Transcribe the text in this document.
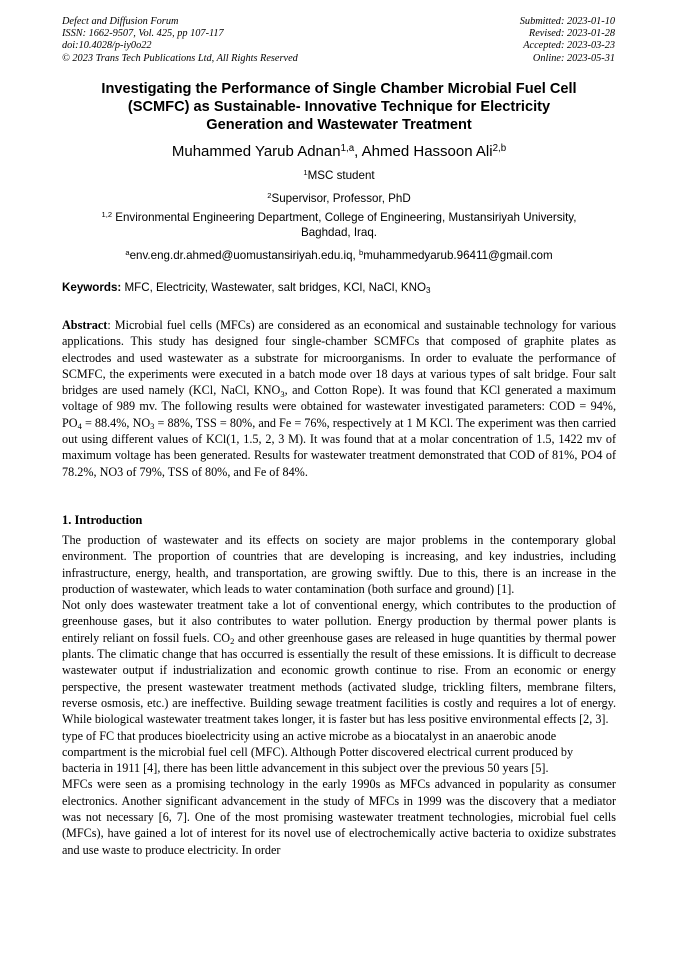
Defect and Diffusion Forum
ISSN: 1662-9507, Vol. 425, pp 107-117
doi:10.4028/p-iy0o22
© 2023 Trans Tech Publications Ltd, All Rights Reserved
Submitted: 2023-01-10
Revised: 2023-01-28
Accepted: 2023-03-23
Online: 2023-05-31
Investigating the Performance of Single Chamber Microbial Fuel Cell
(SCMFC) as Sustainable- Innovative Technique for Electricity
Generation and Wastewater Treatment
Muhammed Yarub Adnan$^{1,a}$, Ahmed Hassoon Ali$^{2,b}$
$^1$MSC student
$^2$Supervisor, Professor, PhD
$^{1,2}$ Environmental Engineering Department, College of Engineering, Mustansiriyah University,
Baghdad, Iraq.
$^a$env.eng.dr.ahmed@uomustansiriyah.edu.iq, $^b$muhammedyarub.96411@gmail.com
Keywords: MFC, Electricity, Wastewater, salt bridges, KCl, NaCl, $KNO_3$
Abstract: Microbial fuel cells (MFCs) are considered as an economical and sustainable technology for various applications. This study has designed four single-chamber SCMFCs that composed of graphite plates as electrodes and used wastewater as a substrate for microorganisms. In order to evaluate the performance of SCMFC, the experiments were executed in a batch mode over 18 days at various types of salt bridge. Four salt bridges are used namely (KCl, NaCl, $KNO_3$, and Cotton Rope). It was found that KCl generated a maximum voltage of 989 mv. The following results were obtained for wastewater investigated parameters: COD = 94%, $PO_4 = 88.4\%$, $NO_3 = 88\%$, TSS = 80%, and Fe = 76%, respectively at 1 M KCl. The experiment was then carried out using different values of KCl(1, 1.5, 2, 3 M). It was found that at a molar concentration of 1.5, 1422 mv of maximum voltage has been generated. Results for wastewater treatment demonstrated that COD of 81%, PO4 of 78.2%, NO3 of 79%, TSS of 80%, and Fe of 84%.
1. Introduction

The production of wastewater and its effects on society are major problems in the contemporary global environment. The proportion of countries that are developing is increasing, and key industries, including infrastructure, energy, health, and transportation, are growing swiftly. Due to this, there is an increase in the production of wastewater, which leads to water contamination (both surface and ground) [1].

Not only does wastewater treatment take a lot of conventional energy, which contributes to the production of greenhouse gases, but it also contributes to water pollution. Energy production by thermal power plants is entirely reliant on fossil fuels. $CO_2$ and other greenhouse gases are released in huge quantities by thermal power plants. The climatic change that has occurred is essentially the result of these emissions. It is difficult to decrease wastewater output if industrialization and economic growth continue to rise. From an economic or energy perspective, the present wastewater treatment methods (activated sludge, trickling filters, membrane filters, reverse osmosis, etc.) are ineffective. Building sewage treatment facilities is costly and requires a lot of energy. While biological wastewater treatment takes longer, it is faster but has less positive environmental effects [2, 3].

type of FC that produces bioelectricity using an active microbe as a biocatalyst in an anaerobic anode compartment is the microbial fuel cell (MFC). Although Potter discovered electrical current produced by bacteria in 1911 [4], there has been little advancement in this subject over the previous 50 years [5].

MFCs were seen as a promising technology in the early 1990s as MFCs advanced in popularity as consumer electronics. Another significant advancement in the study of MFCs in 1999 was the discovery that a mediator was not necessary [6, 7]. One of the most promising wastewater treatment technologies, microbial fuel cells (MFCs), have gained a lot of interest for its novel use of electrochemically active bacteria to oxidize substrates and use waste to produce electricity. In order
